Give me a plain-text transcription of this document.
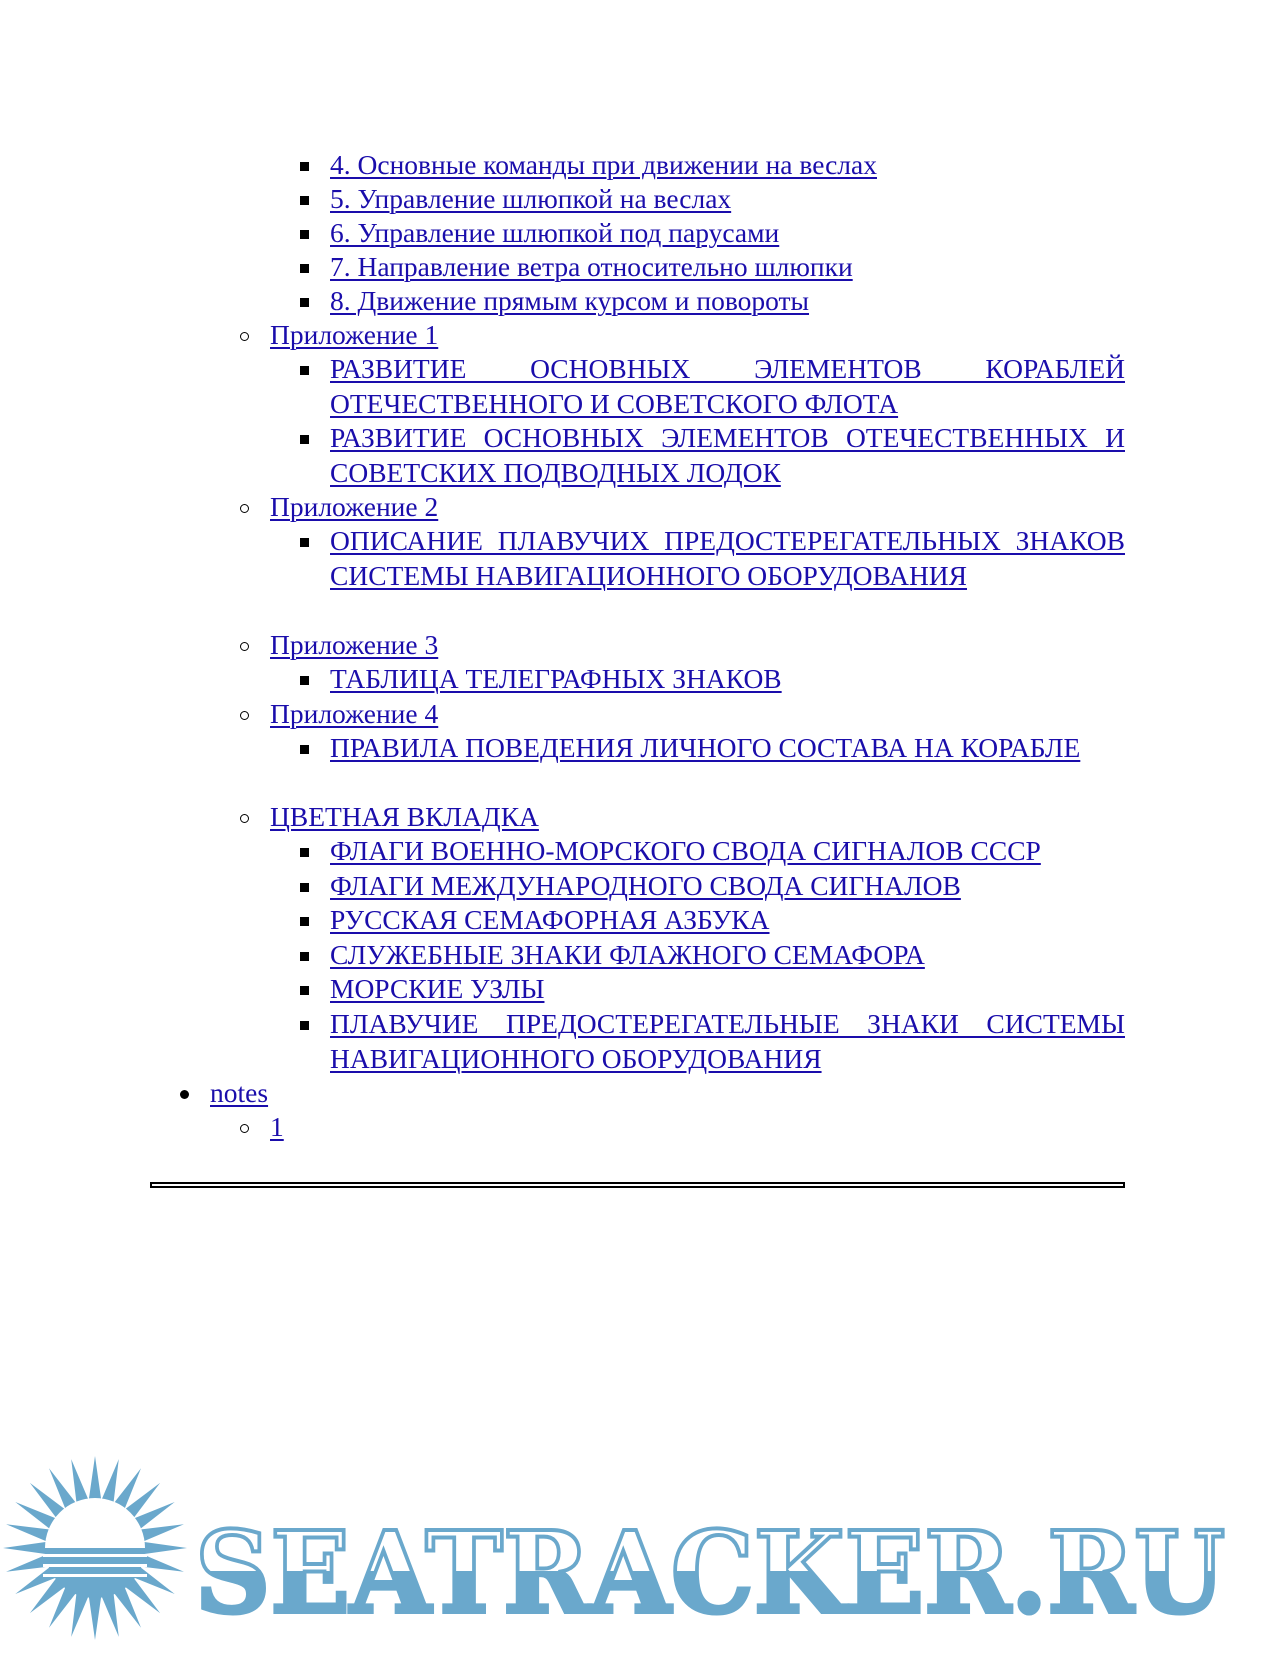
4. Основные команды при движении на веслах
5. Управление шлюпкой на веслах
6. Управление шлюпкой под парусами
7. Направление ветра относительно шлюпки
8. Движение прямым курсом и повороты
Приложение 1
РАЗВИТИЕ ОСНОВНЫХ ЭЛЕМЕНТОВ КОРАБЛЕЙ ОТЕЧЕСТВЕННОГО И СОВЕТСКОГО ФЛОТА
РАЗВИТИЕ ОСНОВНЫХ ЭЛЕМЕНТОВ ОТЕЧЕСТВЕННЫХ И СОВЕТСКИХ ПОДВОДНЫХ ЛОДОК
Приложение 2
ОПИСАНИЕ ПЛАВУЧИХ ПРЕДОСТЕРЕГАТЕЛЬНЫХ ЗНАКОВ СИСТЕМЫ НАВИГАЦИОННОГО ОБОРУДОВАНИЯ
Приложение 3
ТАБЛИЦА ТЕЛЕГРАФНЫХ ЗНАКОВ
Приложение 4
ПРАВИЛА ПОВЕДЕНИЯ ЛИЧНОГО СОСТАВА НА КОРАБЛЕ
ЦВЕТНАЯ ВКЛАДКА
ФЛАГИ ВОЕННО-МОРСКОГО СВОДА СИГНАЛОВ СССР
ФЛАГИ МЕЖДУНАРОДНОГО СВОДА СИГНАЛОВ
РУССКАЯ СЕМАФОРНАЯ АЗБУКА
СЛУЖЕБНЫЕ ЗНАКИ ФЛАЖНОГО СЕМАФОРА
МОРСКИЕ УЗЛЫ
ПЛАВУЧИЕ ПРЕДОСТЕРЕГАТЕЛЬНЫЕ ЗНАКИ СИСТЕМЫ НАВИГАЦИОННОГО ОБОРУДОВАНИЯ
notes
1
SEATRACKER.RU
